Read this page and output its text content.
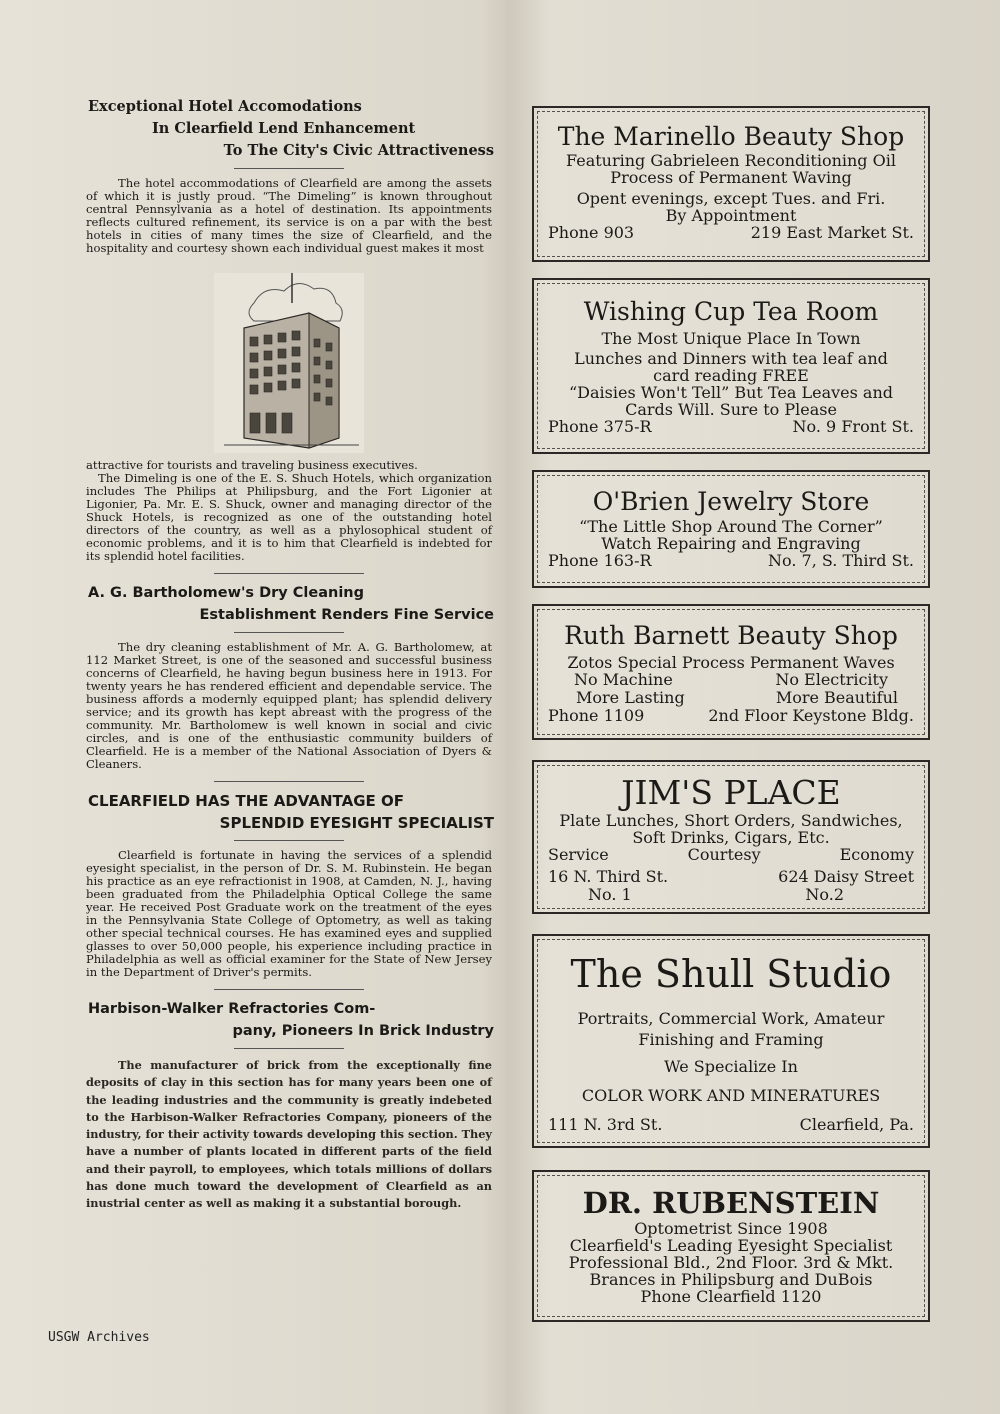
Exceptional Hotel Accomodations
In Clearfield Lend Enhancement
To The City's Civic Attractiveness

The hotel accommodations of Clearfield are among the assets of which it is justly proud. “The Dimeling” is known throughout central Pennsylvania as a hotel of destination. Its appointments reflects cultured refinement, its service is on a par with the best hotels in cities of many times the size of Clearfield, and the hospitality and courtesy shown each individual guest makes it most

attractive for tourists and traveling business executives.

The Dimeling is one of the E. S. Shuch Hotels, which organization includes The Philips at Philipsburg, and the Fort Ligonier at Ligonier, Pa. Mr. E. S. Shuck, owner and managing director of the Shuck Hotels, is recognized as one of the outstanding hotel directors of the country, as well as a phylosophical student of economic problems, and it is to him that Clearfield is indebted for its splendid hotel facilities.

A. G. Bartholomew's Dry Cleaning
Establishment Renders Fine Service

The dry cleaning establishment of Mr. A. G. Bartholomew, at 112 Market Street, is one of the seasoned and successful business concerns of Clearfield, he having begun business here in 1913. For twenty years he has rendered efficient and dependable service. The business affords a modernly equipped plant; has splendid delivery service; and its growth has kept abreast with the progress of the community. Mr. Bartholomew is well known in social and civic circles, and is one of the enthusiastic community builders of Clearfield. He is a member of the National Association of Dyers & Cleaners.

CLEARFIELD HAS THE ADVANTAGE OF
SPLENDID EYESIGHT SPECIALIST

Clearfield is fortunate in having the services of a splendid eyesight specialist, in the person of Dr. S. M. Rubinstein. He began his practice as an eye refractionist in 1908, at Camden, N. J., having been graduated from the Philadelphia Optical College the same year. He received Post Graduate work on the treatment of the eyes in the Pennsylvania State College of Optometry, as well as taking other special technical courses. He has examined eyes and supplied glasses to over 50,000 people, his experience including practice in Philadelphia as well as official examiner for the State of New Jersey in the Department of Driver's permits.

Harbison-Walker Refractories Com-
pany, Pioneers In Brick Industry

The manufacturer of brick from the exceptionally fine deposits of clay in this section has for many years been one of the leading industries and the community is greatly indebeted to the Harbison-Walker Refractories Company, pioneers of the industry, for their activity towards developing this section. They have a number of plants located in different parts of the field and their payroll, to employees, which totals millions of dollars has done much toward the development of Clearfield as an inustrial center as well as making it a substantial borough.

The Marinello Beauty Shop
Featuring Gabrieleen Reconditioning Oil
Process of Permanent Waving
Opent evenings, except Tues. and Fri.
By Appointment
Phone 903	219 East Market St.
Wishing Cup Tea Room
The Most Unique Place In Town
Lunches and Dinners with tea leaf and
card reading FREE
“Daisies Won't Tell” But Tea Leaves and
Cards Will. Sure to Please
Phone 375-R	No. 9 Front St.
O'Brien Jewelry Store
“The Little Shop Around The Corner”
Watch Repairing and Engraving
Phone 163-R	No. 7, S. Third St.
Ruth Barnett Beauty Shop
Zotos Special Process Permanent Waves
No Machine	No Electricity
More Lasting	More Beautiful
Phone 1109	2nd Floor Keystone Bldg.
JIM'S PLACE
Plate Lunches, Short Orders, Sandwiches,
Soft Drinks, Cigars, Etc.
Service	Courtesy	Economy
16 N. Third St.	624 Daisy Street
No. 1	No.2
The Shull Studio
Portraits, Commercial Work, Amateur
Finishing and Framing
We Specialize In
COLOR WORK AND MINERATURES
111 N. 3rd St.	Clearfield, Pa.
DR. RUBENSTEIN
Optometrist Since 1908
Clearfield's Leading Eyesight Specialist
Professional Bld., 2nd Floor. 3rd & Mkt.
Brances in Philipsburg and DuBois
Phone Clearfield 1120
USGW Archives
